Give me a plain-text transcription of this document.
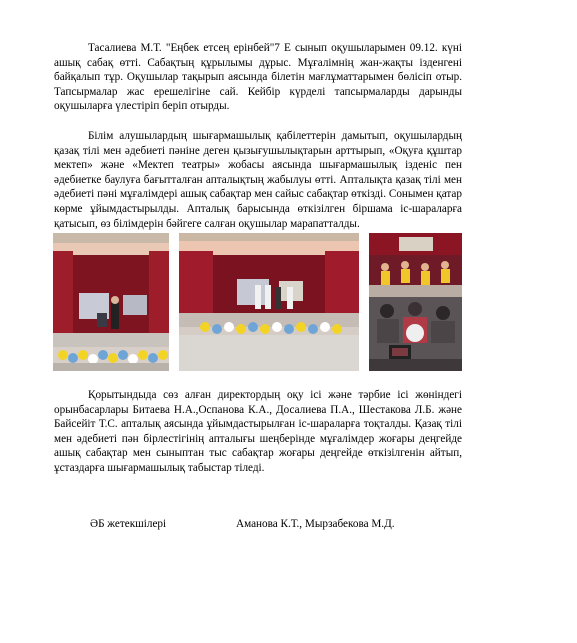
Тасалиева М.Т. "Еңбек етсең ерінбей"7 Е сынып оқушыларымен 09.12. күні ашық сабақ өтті. Сабақтың құрылымы дұрыс. Мұғалімнің жан-жақты ізденгені байқалып тұр. Оқушылар тақырып аясында білетін мағлұматтарымен бөлісіп отыр. Тапсырмалар жас ерешелігіне сай. Кейбір күрделі тапсырмаларды дарынды оқушыларға үлестіріп беріп отырды.

Білім алушылардың шығармашылық қабілеттерін дамытып, оқушылардың қазақ тілі мен әдебиеті пәніне деген қызығушылықтарын арттырып, «Оқуға құштар мектеп» және «Мектеп театры» жобасы аясында шығармашылық ізденіс пен әдебиетке баулуға бағытталған апталықтың жабылуы өтті. Апталықта қазақ тілі мен әдебиеті пәні мұғалімдері ашық сабақтар мен сайыс сабақтар өткізді. Сонымен қатар көрме ұйымдастырылды. Апталық барысында өткізілген біршама іс-шараларға қатысып, өз білімдерін бәйгеге салған оқушылар марапатталды.

Қорытындыда сөз алған директордың оқу ісі және тәрбие ісі жөніндегі орынбасарлары Битаева Н.А.,Оспанова К.А., Досалиева П.А., Шестакова Л.Б. және Байсейіт Т.С. апталық аясында ұйымдастырылған іс-шараларға тоқталды. Қазақ тілі мен әдебиеті пән бірлестігінің апталығы шеңберінде мұғалімдер жоғары деңгейде ашық сабақтар мен сыныптан тыс сабақтар жоғары деңгейде өткізілгенін айтып, ұстаздарға шығармашылық табыстар тіледі.

ӘБ жетекшілері	Аманова К.Т., Мырзабекова М.Д.
